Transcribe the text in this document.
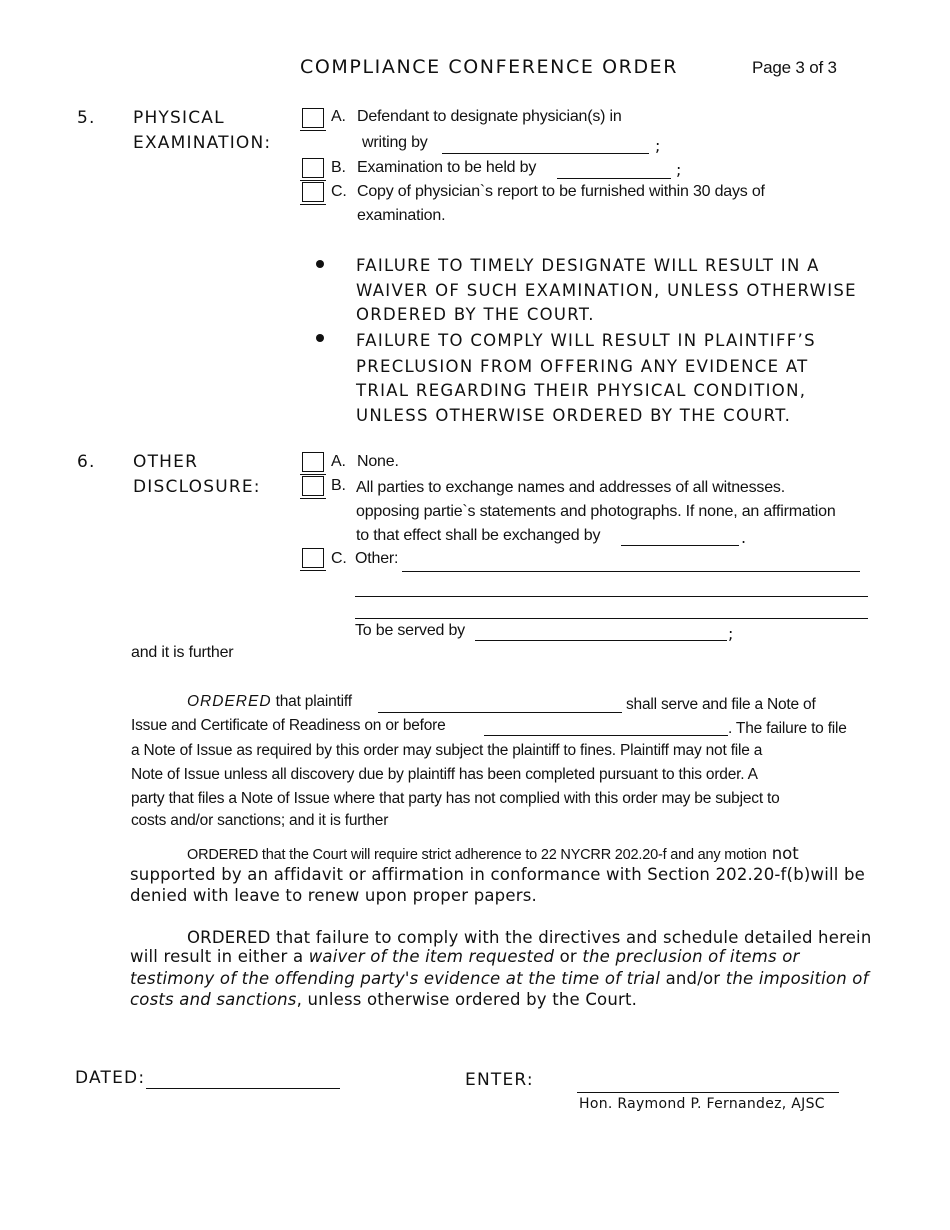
COMPLIANCE CONFERENCE ORDER	Page 3 of 3
5. PHYSICAL
EXAMINATION:
A. Defendant to designate physician(s) in
writing by	;
B. Examination to be held by	;
C. Copy of physician`s report to be furnished within 30 days of
examination.
FAILURE TO TIMELY DESIGNATE WILL RESULT IN A
WAIVER OF SUCH EXAMINATION, UNLESS OTHERWISE
ORDERED BY THE COURT.
FAILURE TO COMPLY WILL RESULT IN PLAINTIFF’S
PRECLUSION FROM OFFERING ANY EVIDENCE AT
TRIAL REGARDING THEIR PHYSICAL CONDITION,
UNLESS OTHERWISE ORDERED BY THE COURT.
6. OTHER
DISCLOSURE:
A. None.
B. All parties to exchange names and addresses of all witnesses.
opposing partie`s statements and photographs. If none, an affirmation
to that effect shall be exchanged by	.
C. Other:
To be served by	;
and it is further
ORDERED that plaintiff	shall serve and file a Note of
Issue and Certificate of Readiness on or before	. The failure to file
a Note of Issue as required by this order may subject the plaintiff to fines. Plaintiff may not file a
Note of Issue unless all discovery due by plaintiff has been completed pursuant to this order. A
party that files a Note of Issue where that party has not complied with this order may be subject to
costs and/or sanctions; and it is further
ORDERED that the Court will require strict adherence to 22 NYCRR 202.20-f and any motion not
supported by an affidavit or affirmation in conformance with Section 202.20-f(b)will be
denied with leave to renew upon proper papers.
ORDERED that failure to comply with the directives and schedule detailed herein
will result in either a waiver of the item requested or the preclusion of items or
testimony of the offending party's evidence at the time of trial and/or the imposition of
costs and sanctions, unless otherwise ordered by the Court.
DATED:	ENTER:
Hon. Raymond P. Fernandez, AJSC
